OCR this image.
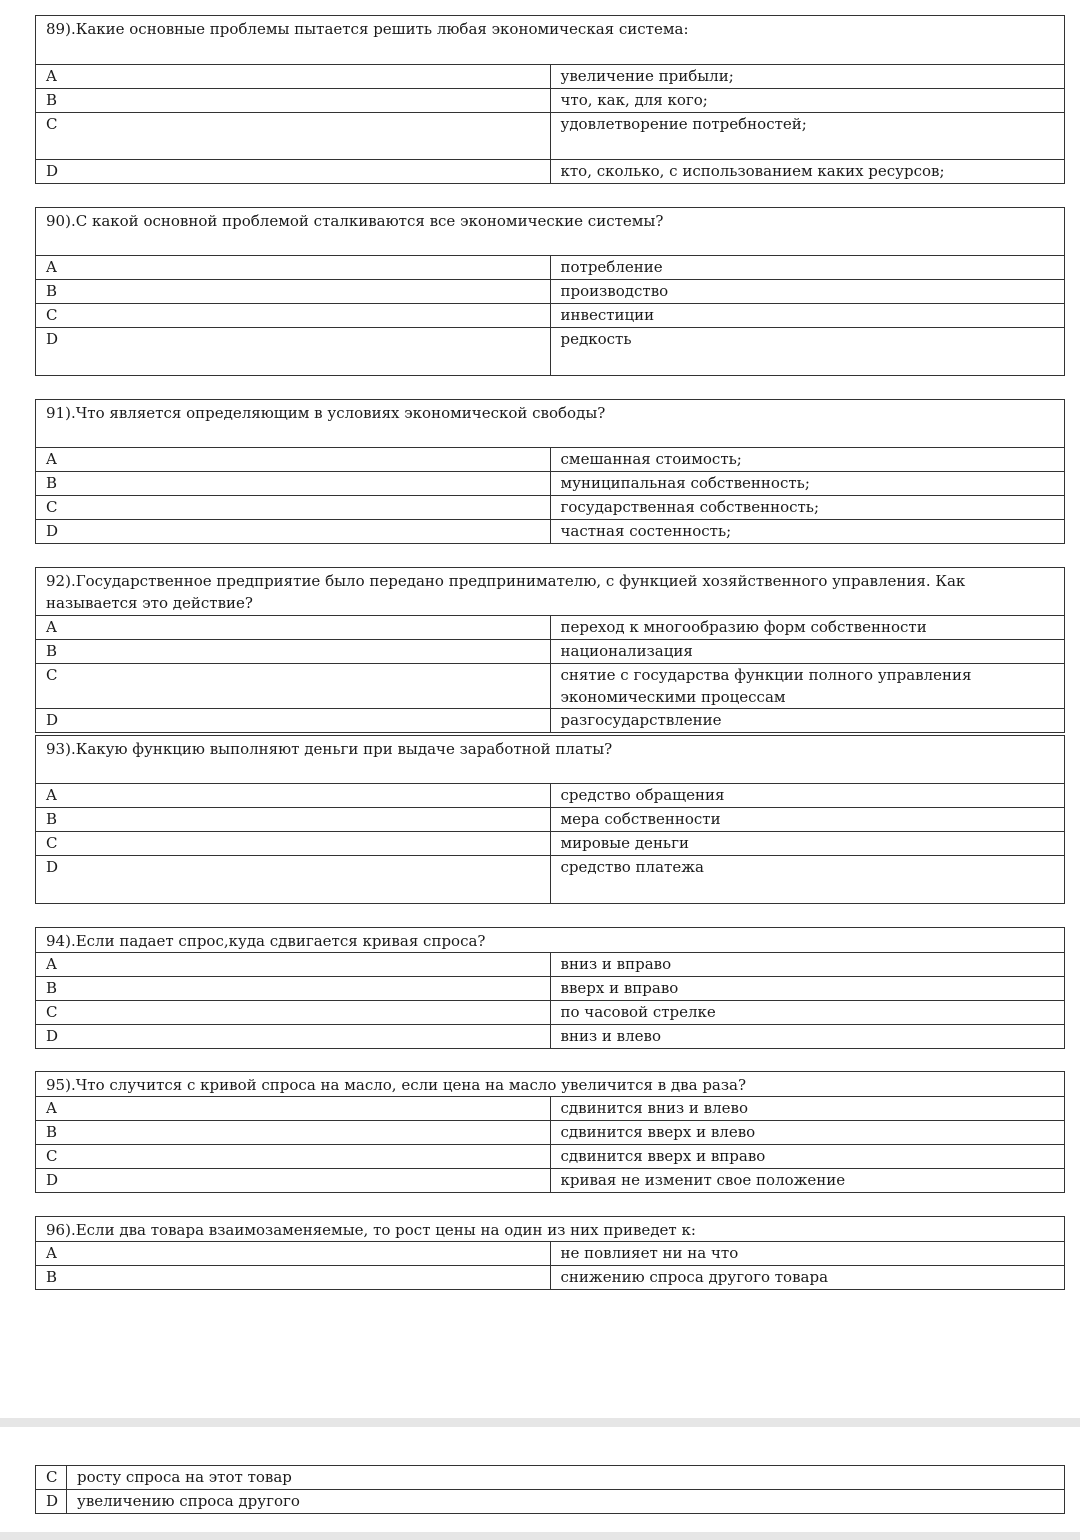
89).Какие основные проблемы пытается решить любая экономическая система:	
A	увеличение прибыли;
B	что, как, для кого;
C	удовлетворение потребностей;
D	кто, сколько, с использованием каких ресурсов;
90).С какой основной проблемой сталкиваются все экономические системы?	
A	потребление
B	производство
C	инвестиции
D	редкость
91).Что является определяющим в условиях экономической свободы?	
A	смешанная стоимость;
B	муниципальная собственность;
C	государственная собственность;
D	частная состенность;
92).Государственное предприятие было передано предпринимателю, с функцией хозяйственного управления. Как называется это действие?	
A	переход к многообразию форм собственности
B	национализация
C	снятие с государства функции полного управления экономическими процессам
D	разгосударствление
93).Какую функцию выполняют деньги при выдаче заработной платы?	
A	средство обращения
B	мера собственности
C	мировые деньги
D	средство платежа
94).Если падает спрос,куда сдвигается кривая спроса?	
A	вниз и вправо
B	вверх и вправо
C	по часовой стрелке
D	вниз и влево
95).Что случится с кривой спроса на масло, если цена на масло увеличится в два раза?	
A	сдвинится вниз и влево
B	сдвинится вверх и влево
C	сдвинится вверх и вправо
D	кривая не изменит свое положение
96).Если два товара взаимозаменяемые, то рост цены на один из них приведет к:	
A	не повлияет ни на что
B	снижению спроса другого товара
C	росту спроса на этот товар
D	увеличению спроса другого
